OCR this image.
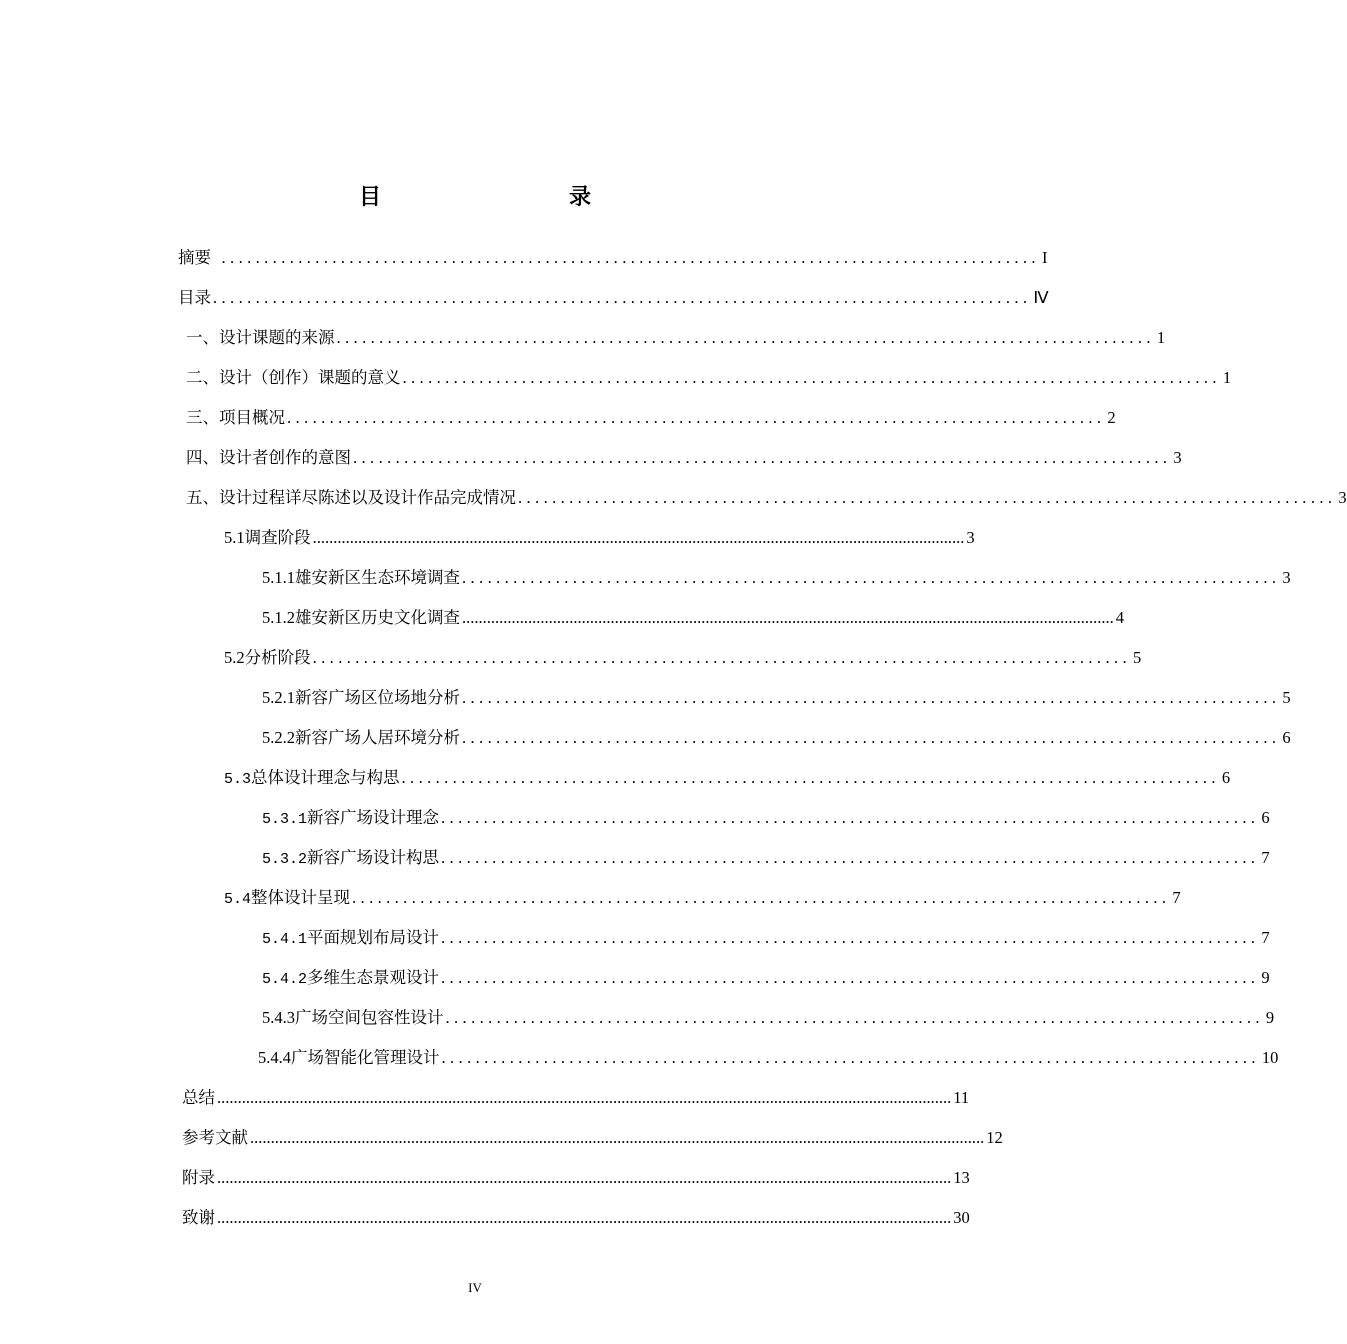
目　　录
摘要 ................................................................................................ I
目录 ................................................................................................ Ⅳ
一、设计课题的来源 ................................................................................................ 1
二、设计（创作）课题的意义 ................................................................................................ 1
三、项目概况 ................................................................................................ 2
四、设计者创作的意图 ................................................................................................ 3
五、设计过程详尽陈述以及设计作品完成情况 ................................................................................................ 3
5.1 调查阶段 .............................................................................................................................................................. 3
5.1.1 雄安新区生态环境调查 ................................................................................................ 3
5.1.2 雄安新区历史文化调查 .............................................................................................................................................................. 4
5.2 分析阶段 ................................................................................................ 5
5.2.1 新容广场区位场地分析 ................................................................................................ 5
5.2.2 新容广场人居环境分析 ................................................................................................ 6
5.3 总体设计理念与构思 ................................................................................................ 6
5.3.1 新容广场设计理念 ................................................................................................ 6
5.3.2 新容广场设计构思 ................................................................................................ 7
5.4 整体设计呈现 ................................................................................................ 7
5.4.1 平面规划布局设计 ................................................................................................ 7
5.4.2 多维生态景观设计 ................................................................................................ 9
5.4.3 广场空间包容性设计 ................................................................................................ 9
5.4.4 广场智能化管理设计 ................................................................................................ 10
总结 .................................................................................................................................................................................. 11
参考文献 .................................................................................................................................................................................. 12
附录 .................................................................................................................................................................................. 13
致谢 .................................................................................................................................................................................. 30
IV
